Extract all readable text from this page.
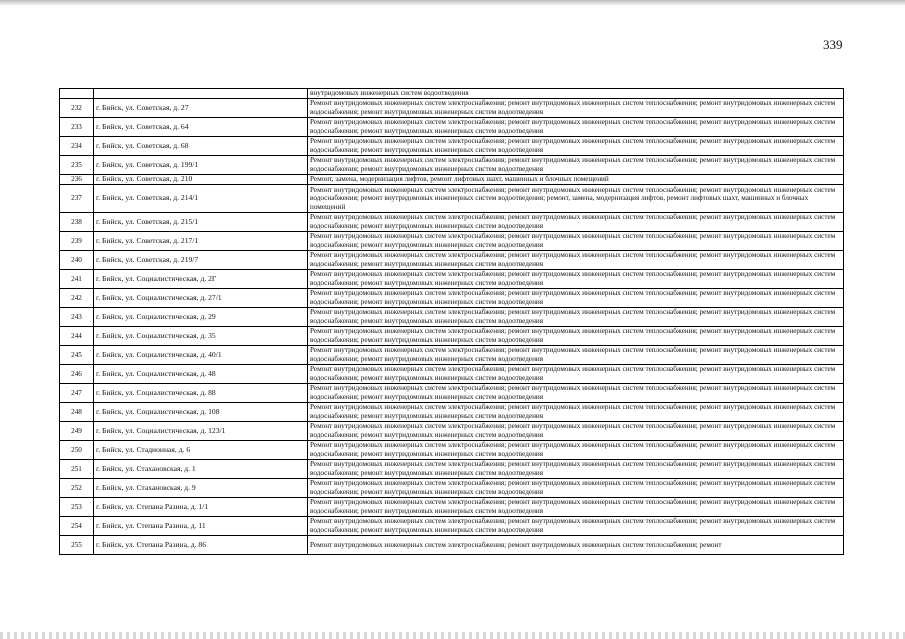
339
		внутридомовых инженерных систем водоотведения
232	г. Бийск, ул. Советская, д. 27	Ремонт внутридомовых инженерных систем электроснабжения; ремонт внутридомовых инженерных систем теплоснабжения; ремонт внутридомовых инженерных систем водоснабжения; ремонт внутридомовых инженерных систем водоотведения
233	г. Бийск, ул. Советская, д. 64	Ремонт внутридомовых инженерных систем электроснабжения; ремонт внутридомовых инженерных систем теплоснабжения; ремонт внутридомовых инженерных систем водоснабжения; ремонт внутридомовых инженерных систем водоотведения
234	г. Бийск, ул. Советская, д. 68	Ремонт внутридомовых инженерных систем электроснабжения; ремонт внутридомовых инженерных систем теплоснабжения; ремонт внутридомовых инженерных систем водоснабжения; ремонт внутридомовых инженерных систем водоотведения
235	г. Бийск, ул. Советская, д. 199/1	Ремонт внутридомовых инженерных систем электроснабжения; ремонт внутридомовых инженерных систем теплоснабжения; ремонт внутридомовых инженерных систем водоснабжения; ремонт внутридомовых инженерных систем водоотведения
236	г. Бийск, ул. Советская, д. 210	Ремонт, замена, модернизация лифтов, ремонт лифтовых шахт, машинных и блочных помещений
237	г. Бийск, ул. Советская, д. 214/1	Ремонт внутридомовых инженерных систем электроснабжения; ремонт внутридомовых инженерных систем теплоснабжения; ремонт внутридомовых инженерных систем водоснабжения; ремонт внутридомовых инженерных систем водоотведения; ремонт, замена, модернизация лифтов, ремонт лифтовых шахт, машинных и блочных помещений
238	г. Бийск, ул. Советская, д. 215/1	Ремонт внутридомовых инженерных систем электроснабжения; ремонт внутридомовых инженерных систем теплоснабжения; ремонт внутридомовых инженерных систем водоснабжения; ремонт внутридомовых инженерных систем водоотведения
239	г. Бийск, ул. Советская, д. 217/1	Ремонт внутридомовых инженерных систем электроснабжения; ремонт внутридомовых инженерных систем теплоснабжения; ремонт внутридомовых инженерных систем водоснабжения; ремонт внутридомовых инженерных систем водоотведения
240	г. Бийск, ул. Советская, д. 219/7	Ремонт внутридомовых инженерных систем электроснабжения; ремонт внутридомовых инженерных систем теплоснабжения; ремонт внутридомовых инженерных систем водоснабжения; ремонт внутридомовых инженерных систем водоотведения
241	г. Бийск, ул. Социалистическая, д. 2Г	Ремонт внутридомовых инженерных систем электроснабжения; ремонт внутридомовых инженерных систем теплоснабжения; ремонт внутридомовых инженерных систем водоснабжения; ремонт внутридомовых инженерных систем водоотведения
242	г. Бийск, ул. Социалистическая, д. 27/1	Ремонт внутридомовых инженерных систем электроснабжения; ремонт внутридомовых инженерных систем теплоснабжения; ремонт внутридомовых инженерных систем водоснабжения; ремонт внутридомовых инженерных систем водоотведения
243	г. Бийск, ул. Социалистическая, д. 29	Ремонт внутридомовых инженерных систем электроснабжения; ремонт внутридомовых инженерных систем теплоснабжения; ремонт внутридомовых инженерных систем водоснабжения; ремонт внутридомовых инженерных систем водоотведения
244	г. Бийск, ул. Социалистическая, д. 35	Ремонт внутридомовых инженерных систем электроснабжения; ремонт внутридомовых инженерных систем теплоснабжения; ремонт внутридомовых инженерных систем водоснабжения; ремонт внутридомовых инженерных систем водоотведения
245	г. Бийск, ул. Социалистическая, д. 40/1	Ремонт внутридомовых инженерных систем электроснабжения; ремонт внутридомовых инженерных систем теплоснабжения; ремонт внутридомовых инженерных систем водоснабжения; ремонт внутридомовых инженерных систем водоотведения
246	г. Бийск, ул. Социалистическая, д. 48	Ремонт внутридомовых инженерных систем электроснабжения; ремонт внутридомовых инженерных систем теплоснабжения; ремонт внутридомовых инженерных систем водоснабжения; ремонт внутридомовых инженерных систем водоотведения
247	г. Бийск, ул. Социалистическая, д. 88	Ремонт внутридомовых инженерных систем электроснабжения; ремонт внутридомовых инженерных систем теплоснабжения; ремонт внутридомовых инженерных систем водоснабжения; ремонт внутридомовых инженерных систем водоотведения
248	г. Бийск, ул. Социалистическая, д. 108	Ремонт внутридомовых инженерных систем электроснабжения; ремонт внутридомовых инженерных систем теплоснабжения; ремонт внутридомовых инженерных систем водоснабжения; ремонт внутридомовых инженерных систем водоотведения
249	г. Бийск, ул. Социалистическая, д. 123/1	Ремонт внутридомовых инженерных систем электроснабжения; ремонт внутридомовых инженерных систем теплоснабжения; ремонт внутридомовых инженерных систем водоснабжения; ремонт внутридомовых инженерных систем водоотведения
250	г. Бийск, ул. Стадионная, д. 6	Ремонт внутридомовых инженерных систем электроснабжения; ремонт внутридомовых инженерных систем теплоснабжения; ремонт внутридомовых инженерных систем водоснабжения; ремонт внутридомовых инженерных систем водоотведения
251	г. Бийск, ул. Стахановская, д. 1	Ремонт внутридомовых инженерных систем электроснабжения; ремонт внутридомовых инженерных систем теплоснабжения; ремонт внутридомовых инженерных систем водоснабжения; ремонт внутридомовых инженерных систем водоотведения
252	г. Бийск, ул. Стахановская, д. 9	Ремонт внутридомовых инженерных систем электроснабжения; ремонт внутридомовых инженерных систем теплоснабжения; ремонт внутридомовых инженерных систем водоснабжения; ремонт внутридомовых инженерных систем водоотведения
253	г. Бийск, ул. Степана Разина, д. 1/1	Ремонт внутридомовых инженерных систем электроснабжения; ремонт внутридомовых инженерных систем теплоснабжения; ремонт внутридомовых инженерных систем водоснабжения; ремонт внутридомовых инженерных систем водоотведения
254	г. Бийск, ул. Степана Разина, д. 11	Ремонт внутридомовых инженерных систем электроснабжения; ремонт внутридомовых инженерных систем теплоснабжения; ремонт внутридомовых инженерных систем водоснабжения; ремонт внутридомовых инженерных систем водоотведения
255	г. Бийск, ул. Степана Разина, д. 86	Ремонт внутридомовых инженерных систем электроснабжения; ремонт внутридомовых инженерных систем теплоснабжения; ремонт
